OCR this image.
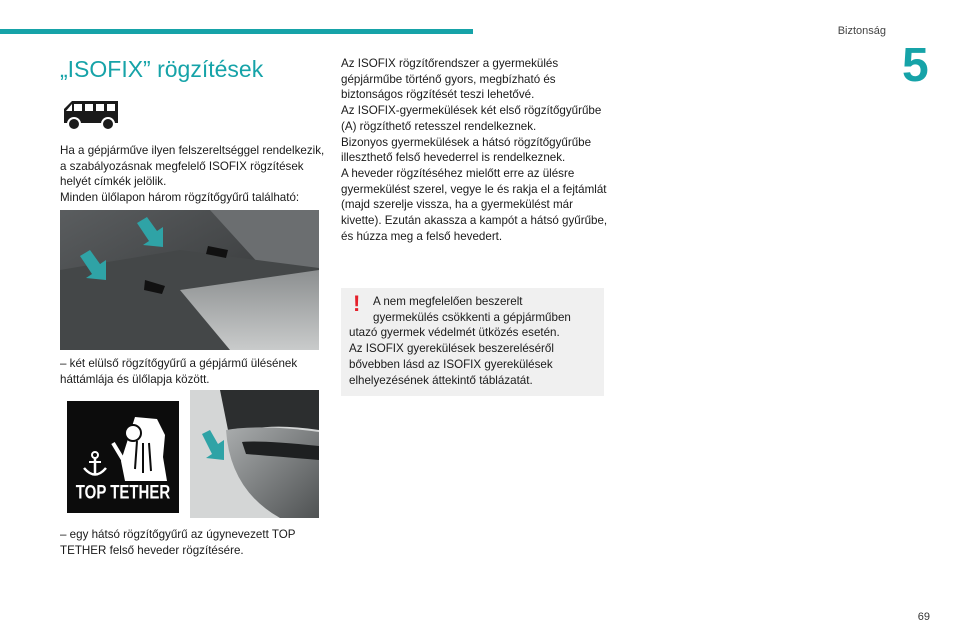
Biztonság
5
„ISOFIX” rögzítések

Ha a gépjárműve ilyen felszereltséggel rendelkezik, a szabályozásnak megfelelő ISOFIX rögzítések helyét címkék jelölik.

Minden ülőlapon három rögzítőgyűrű található:

– két elülső rögzítőgyűrű a gépjármű ülésének háttámlája és ülőlapja között.
TOP TETHER
– egy hátsó rögzítőgyűrű az úgynevezett TOP TETHER felső heveder rögzítésére.

Az ISOFIX rögzítőrendszer a gyermekülés gépjárműbe történő gyors, megbízható és biztonságos rögzítését teszi lehetővé.

Az ISOFIX-gyermekülések két első rögzítőgyűrűbe (A) rögzíthető retesszel rendelkeznek.

Bizonyos gyermekülések a hátsó rögzítőgyűrűbe illeszthető felső hevederrel is rendelkeznek.

A heveder rögzítéséhez mielőtt erre az ülésre gyermekülést szerel, vegye le és rakja el a fejtámlát (majd szerelje vissza, ha a gyermekülést már kivette). Ezután akassza a kampót a hátsó gyűrűbe, és húzza meg a felső hevedert.

!	A nem megfelelően beszerelt

gyermekülés csökkenti a gépjárműben

utazó gyermek védelmét ütközés esetén.

Az ISOFIX gyerekülések beszereléséről bővebben lásd az ISOFIX gyerekülések elhelyezésének áttekintő táblázatát.

69
